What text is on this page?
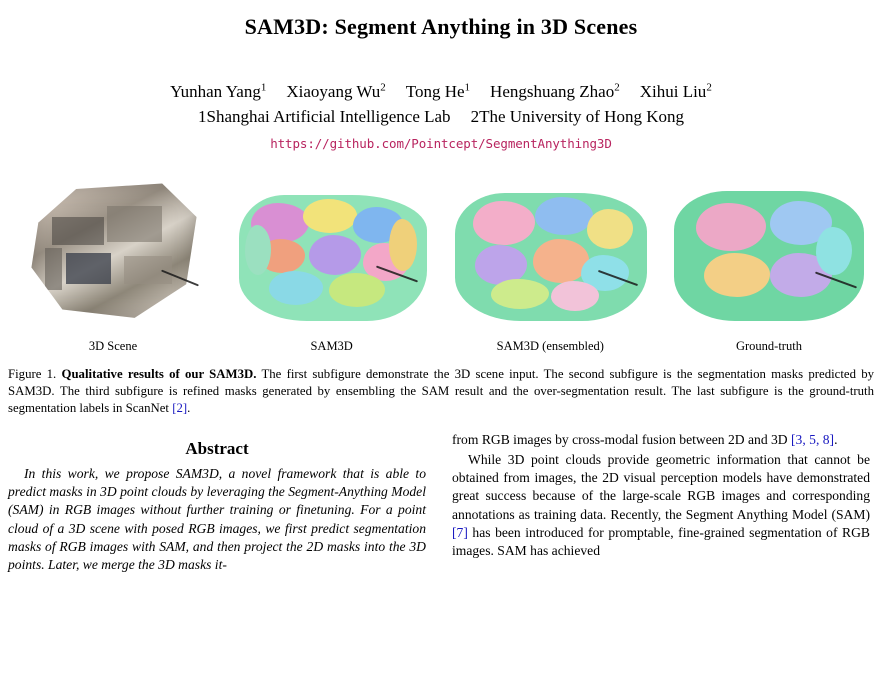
SAM3D: Segment Anything in 3D Scenes
Yunhan Yang$^1$ Xiaoyang Wu$^2$ Tong He$^1$ Hengshuang Zhao$^2$ Xihui Liu$^2$
1Shanghai Artificial Intelligence Lab 2The University of Hong Kong
https://github.com/Pointcept/SegmentAnything3D
3D Scene	SAM3D	SAM3D (ensembled)	Ground-truth
Figure 1. Qualitative results of our SAM3D. The first subfigure demonstrate the 3D scene input. The second subfigure is the segmentation masks predicted by SAM3D. The third subfigure is refined masks generated by ensembling the SAM result and the over-segmentation result. The last subfigure is the ground-truth segmentation labels in ScanNet [2].
Abstract
In this work, we propose SAM3D, a novel framework that is able to predict masks in 3D point clouds by leveraging the Segment-Anything Model (SAM) in RGB images without further training or finetuning. For a point cloud of a 3D scene with posed RGB images, we first predict segmentation masks of RGB images with SAM, and then project the 2D masks into the 3D points. Later, we merge the 3D masks it-

from RGB images by cross-modal fusion between 2D and 3D [3, 5, 8].

While 3D point clouds provide geometric information that cannot be obtained from images, the 2D visual perception models have demonstrated great success because of the large-scale RGB images and corresponding annotations as training data. Recently, the Segment Anything Model (SAM) [7] has been introduced for promptable, fine-grained segmentation of RGB images. SAM has achieved
